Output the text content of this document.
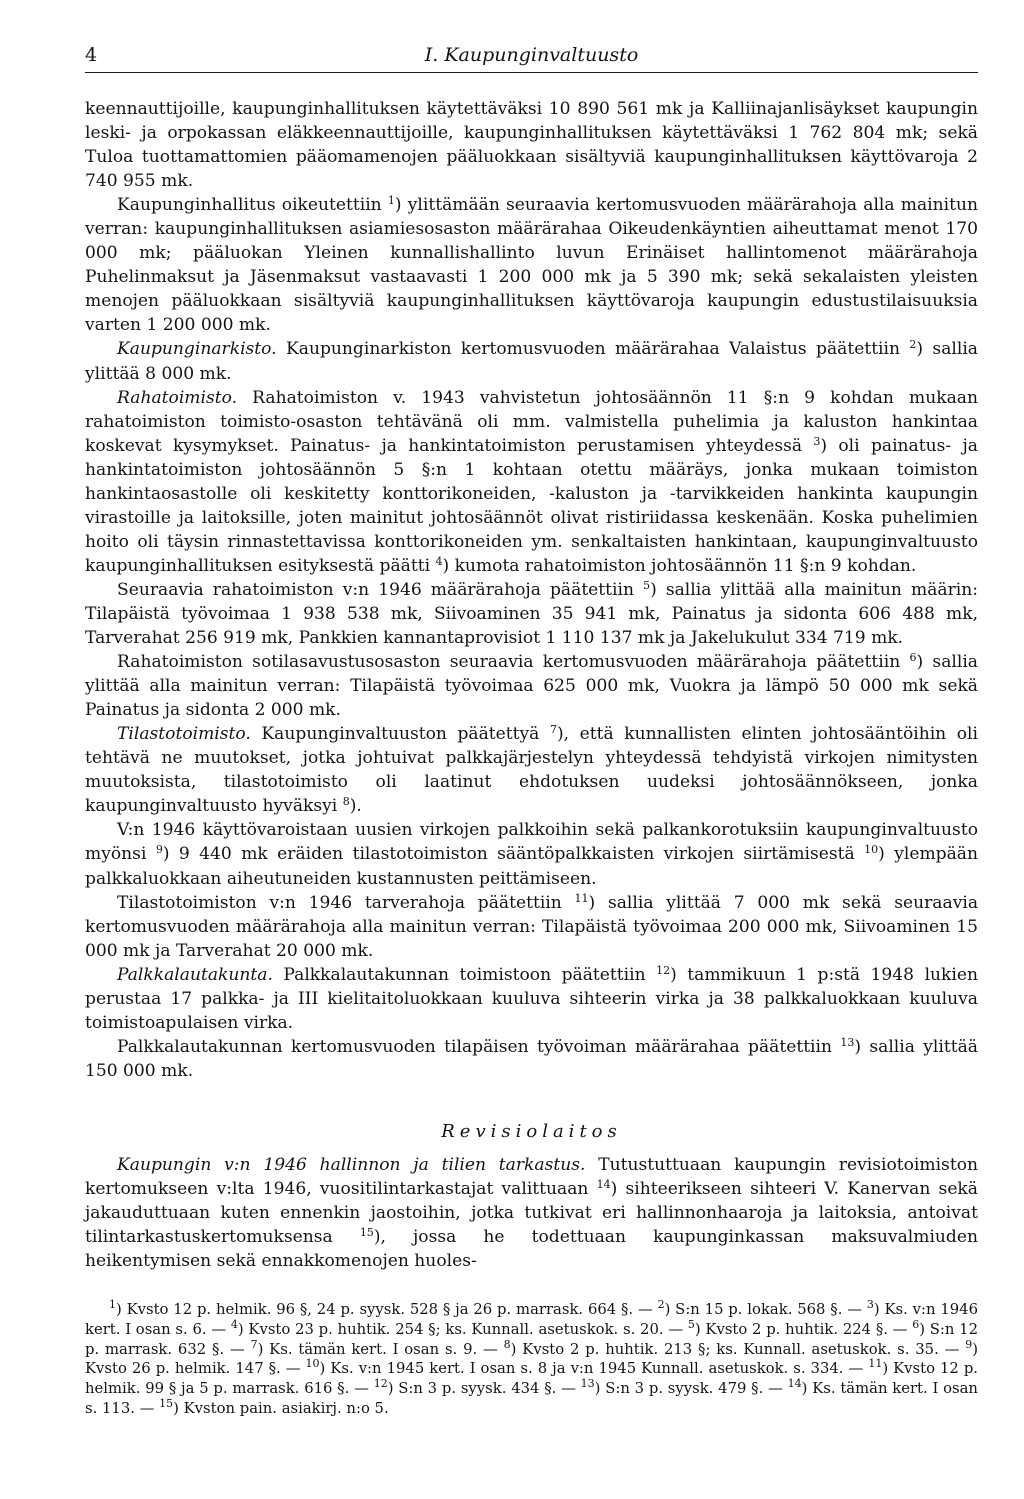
4	I. Kaupunginvaltuusto

keennauttijoille, kaupunginhallituksen käytettäväksi 10 890 561 mk ja Kalliinajanlisäykset kaupungin leski- ja orpokassan eläkkeennauttijoille, kaupunginhallituksen käytettäväksi 1 762 804 mk; sekä Tuloa tuottamattomien pääomamenojen pääluokkaan sisältyviä kaupunginhallituksen käyttövaroja 2 740 955 mk.

Kaupunginhallitus oikeutettiin $^1$) ylittämään seuraavia kertomusvuoden määrärahoja alla mainitun verran: kaupunginhallituksen asiamiesosaston määrärahaa Oikeudenkäyntien aiheuttamat menot 170 000 mk; pääluokan Yleinen kunnallishallinto luvun Erinäiset hallintomenot määrärahoja Puhelinmaksut ja Jäsenmaksut vastaavasti 1 200 000 mk ja 5 390 mk; sekä sekalaisten yleisten menojen pääluokkaan sisältyviä kaupunginhallituksen käyttövaroja kaupungin edustustilaisuuksia varten 1 200 000 mk.

Kaupunginarkisto. Kaupunginarkiston kertomusvuoden määrärahaa Valaistus päätettiin $^2$) sallia ylittää 8 000 mk.

Rahatoimisto. Rahatoimiston v. 1943 vahvistetun johtosäännön 11 §:n 9 kohdan mukaan rahatoimiston toimisto-osaston tehtävänä oli mm. valmistella puhelimia ja kaluston hankintaa koskevat kysymykset. Painatus- ja hankintatoimiston perustamisen yhteydessä $^3$) oli painatus- ja hankintatoimiston johtosäännön 5 §:n 1 kohtaan otettu määräys, jonka mukaan toimiston hankintaosastolle oli keskitetty konttorikoneiden, -kaluston ja -tarvikkeiden hankinta kaupungin virastoille ja laitoksille, joten mainitut johtosäännöt olivat ristiriidassa keskenään. Koska puhelimien hoito oli täysin rinnastettavissa konttorikoneiden ym. senkaltaisten hankintaan, kaupunginvaltuusto kaupunginhallituksen esityksestä päätti $^4$) kumota rahatoimiston johtosäännön 11 §:n 9 kohdan.

Seuraavia rahatoimiston v:n 1946 määrärahoja päätettiin $^5$) sallia ylittää alla mainitun määrin: Tilapäistä työvoimaa 1 938 538 mk, Siivoaminen 35 941 mk, Painatus ja sidonta 606 488 mk, Tarverahat 256 919 mk, Pankkien kannantaprovisiot 1 110 137 mk ja Jakelukulut 334 719 mk.

Rahatoimiston sotilasavustusosaston seuraavia kertomusvuoden määrärahoja päätettiin $^6$) sallia ylittää alla mainitun verran: Tilapäistä työvoimaa 625 000 mk, Vuokra ja lämpö 50 000 mk sekä Painatus ja sidonta 2 000 mk.

Tilastotoimisto. Kaupunginvaltuuston päätettyä $^7$), että kunnallisten elinten johtosääntöihin oli tehtävä ne muutokset, jotka johtuivat palkkajärjestelyn yhteydessä tehdyistä virkojen nimitysten muutoksista, tilastotoimisto oli laatinut ehdotuksen uudeksi johtosäännökseen, jonka kaupunginvaltuusto hyväksyi $^8$).

V:n 1946 käyttövaroistaan uusien virkojen palkkoihin sekä palkankorotuksiin kaupunginvaltuusto myönsi $^9$) 9 440 mk eräiden tilastotoimiston sääntöpalkkaisten virkojen siirtämisestä $^{10}$) ylempään palkkaluokkaan aiheutuneiden kustannusten peittämiseen.

Tilastotoimiston v:n 1946 tarverahoja päätettiin $^{11}$) sallia ylittää 7 000 mk sekä seuraavia kertomusvuoden määrärahoja alla mainitun verran: Tilapäistä työvoimaa 200 000 mk, Siivoaminen 15 000 mk ja Tarverahat 20 000 mk.

Palkkalautakunta. Palkkalautakunnan toimistoon päätettiin $^{12}$) tammikuun 1 p:stä 1948 lukien perustaa 17 palkka- ja III kielitaitoluokkaan kuuluva sihteerin virka ja 38 palkkaluokkaan kuuluva toimistoapulaisen virka.

Palkkalautakunnan kertomusvuoden tilapäisen työvoiman määrärahaa päätettiin $^{13}$) sallia ylittää 150 000 mk.

Revisiolaitos

Kaupungin v:n 1946 hallinnon ja tilien tarkastus. Tutustuttuaan kaupungin revisiotoimiston kertomukseen v:lta 1946, vuositilintarkastajat valittuaan $^{14}$) sihteerikseen sihteeri V. Kanervan sekä jakauduttuaan kuten ennenkin jaostoihin, jotka tutkivat eri hallinnonhaaroja ja laitoksia, antoivat tilintarkastuskertomuksensa $^{15}$), jossa he todettuaan kaupunginkassan maksuvalmiuden heikentymisen sekä ennakkomenojen huoles-

$^1$) Kvsto 12 p. helmik. 96 §, 24 p. syysk. 528 § ja 26 p. marrask. 664 §. — $^2$) S:n 15 p. lokak. 568 §. — $^3$) Ks. v:n 1946 kert. I osan s. 6. — $^4$) Kvsto 23 p. huhtik. 254 §; ks. Kunnall. asetuskok. s. 20. — $^5$) Kvsto 2 p. huhtik. 224 §. — $^6$) S:n 12 p. marrask. 632 §. — $^7$) Ks. tämän kert. I osan s. 9. — $^8$) Kvsto 2 p. huhtik. 213 §; ks. Kunnall. asetuskok. s. 35. — $^9$) Kvsto 26 p. helmik. 147 §. — $^{10}$) Ks. v:n 1945 kert. I osan s. 8 ja v:n 1945 Kunnall. asetuskok. s. 334. — $^{11}$) Kvsto 12 p. helmik. 99 § ja 5 p. marrask. 616 §. — $^{12}$) S:n 3 p. syysk. 434 §. — $^{13}$) S:n 3 p. syysk. 479 §. — $^{14}$) Ks. tämän kert. I osan s. 113. — $^{15}$) Kvston pain. asiakirj. n:o 5.
